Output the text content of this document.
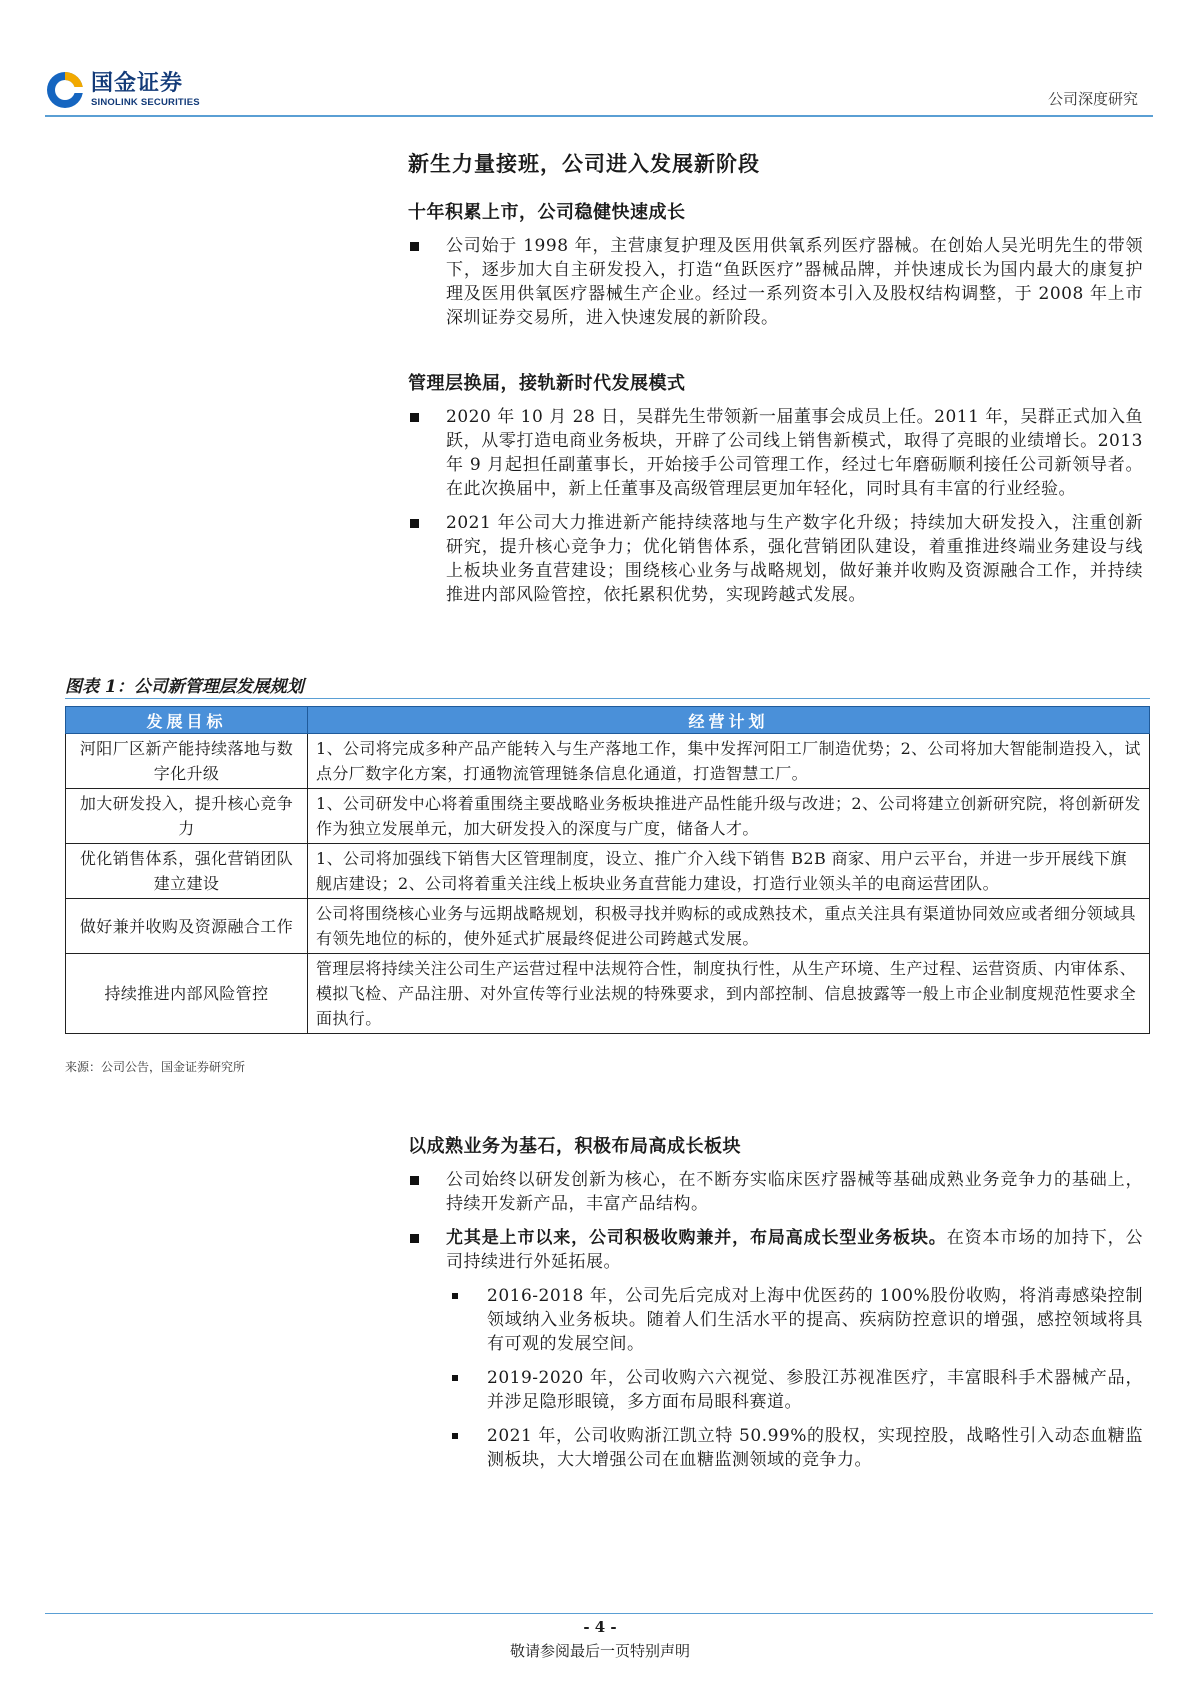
国金证券
SINOLINK SECURITIES	公司深度研究
新生力量接班，公司进入发展新阶段
十年积累上市，公司稳健快速成长
公司始于 1998 年，主营康复护理及医用供氧系列医疗器械。在创始人吴光明先生的带领下，逐步加大自主研发投入，打造“鱼跃医疗”器械品牌，并快速成长为国内最大的康复护理及医用供氧医疗器械生产企业。经过一系列资本引入及股权结构调整，于 2008 年上市深圳证券交易所，进入快速发展的新阶段。
管理层换届，接轨新时代发展模式
2020 年 10 月 28 日，吴群先生带领新一届董事会成员上任。2011 年，吴群正式加入鱼跃，从零打造电商业务板块，开辟了公司线上销售新模式，取得了亮眼的业绩增长。2013 年 9 月起担任副董事长，开始接手公司管理工作，经过七年磨砺顺利接任公司新领导者。在此次换届中，新上任董事及高级管理层更加年轻化，同时具有丰富的行业经验。
2021 年公司大力推进新产能持续落地与生产数字化升级；持续加大研发投入，注重创新研究，提升核心竞争力；优化销售体系，强化营销团队建设，着重推进终端业务建设与线上板块业务直营建设；围绕核心业务与战略规划，做好兼并收购及资源融合工作，并持续推进内部风险管控，依托累积优势，实现跨越式发展。
图表 1：公司新管理层发展规划
发展目标	经营计划
河阳厂区新产能持续落地与数字化升级	1、公司将完成多种产品产能转入与生产落地工作，集中发挥河阳工厂制造优势；2、公司将加大智能制造投入，试点分厂数字化方案，打通物流管理链条信息化通道，打造智慧工厂。
加大研发投入，提升核心竞争力	1、公司研发中心将着重围绕主要战略业务板块推进产品性能升级与改进；2、公司将建立创新研究院，将创新研发作为独立发展单元，加大研发投入的深度与广度，储备人才。
优化销售体系，强化营销团队建立建设	1、公司将加强线下销售大区管理制度，设立、推广介入线下销售 B2B 商家、用户云平台，并进一步开展线下旗舰店建设；2、公司将着重关注线上板块业务直营能力建设，打造行业领头羊的电商运营团队。
做好兼并收购及资源融合工作	公司将围绕核心业务与远期战略规划，积极寻找并购标的或成熟技术，重点关注具有渠道协同效应或者细分领域具有领先地位的标的，使外延式扩展最终促进公司跨越式发展。
持续推进内部风险管控	管理层将持续关注公司生产运营过程中法规符合性，制度执行性，从生产环境、生产过程、运营资质、内审体系、模拟飞检、产品注册、对外宣传等行业法规的特殊要求，到内部控制、信息披露等一般上市企业制度规范性要求全面执行。
来源：公司公告，国金证券研究所
以成熟业务为基石，积极布局高成长板块
公司始终以研发创新为核心，在不断夯实临床医疗器械等基础成熟业务竞争力的基础上，持续开发新产品，丰富产品结构。
尤其是上市以来，公司积极收购兼并，布局高成长型业务板块。在资本市场的加持下，公司持续进行外延拓展。
2016-2018 年，公司先后完成对上海中优医药的 100%股份收购，将消毒感染控制领域纳入业务板块。随着人们生活水平的提高、疾病防控意识的增强，感控领域将具有可观的发展空间。
2019-2020 年，公司收购六六视觉、参股江苏视准医疗，丰富眼科手术器械产品，并涉足隐形眼镜，多方面布局眼科赛道。
2021 年，公司收购浙江凯立特 50.99%的股权，实现控股，战略性引入动态血糖监测板块，大大增强公司在血糖监测领域的竞争力。
- 4 -
敬请参阅最后一页特别声明
